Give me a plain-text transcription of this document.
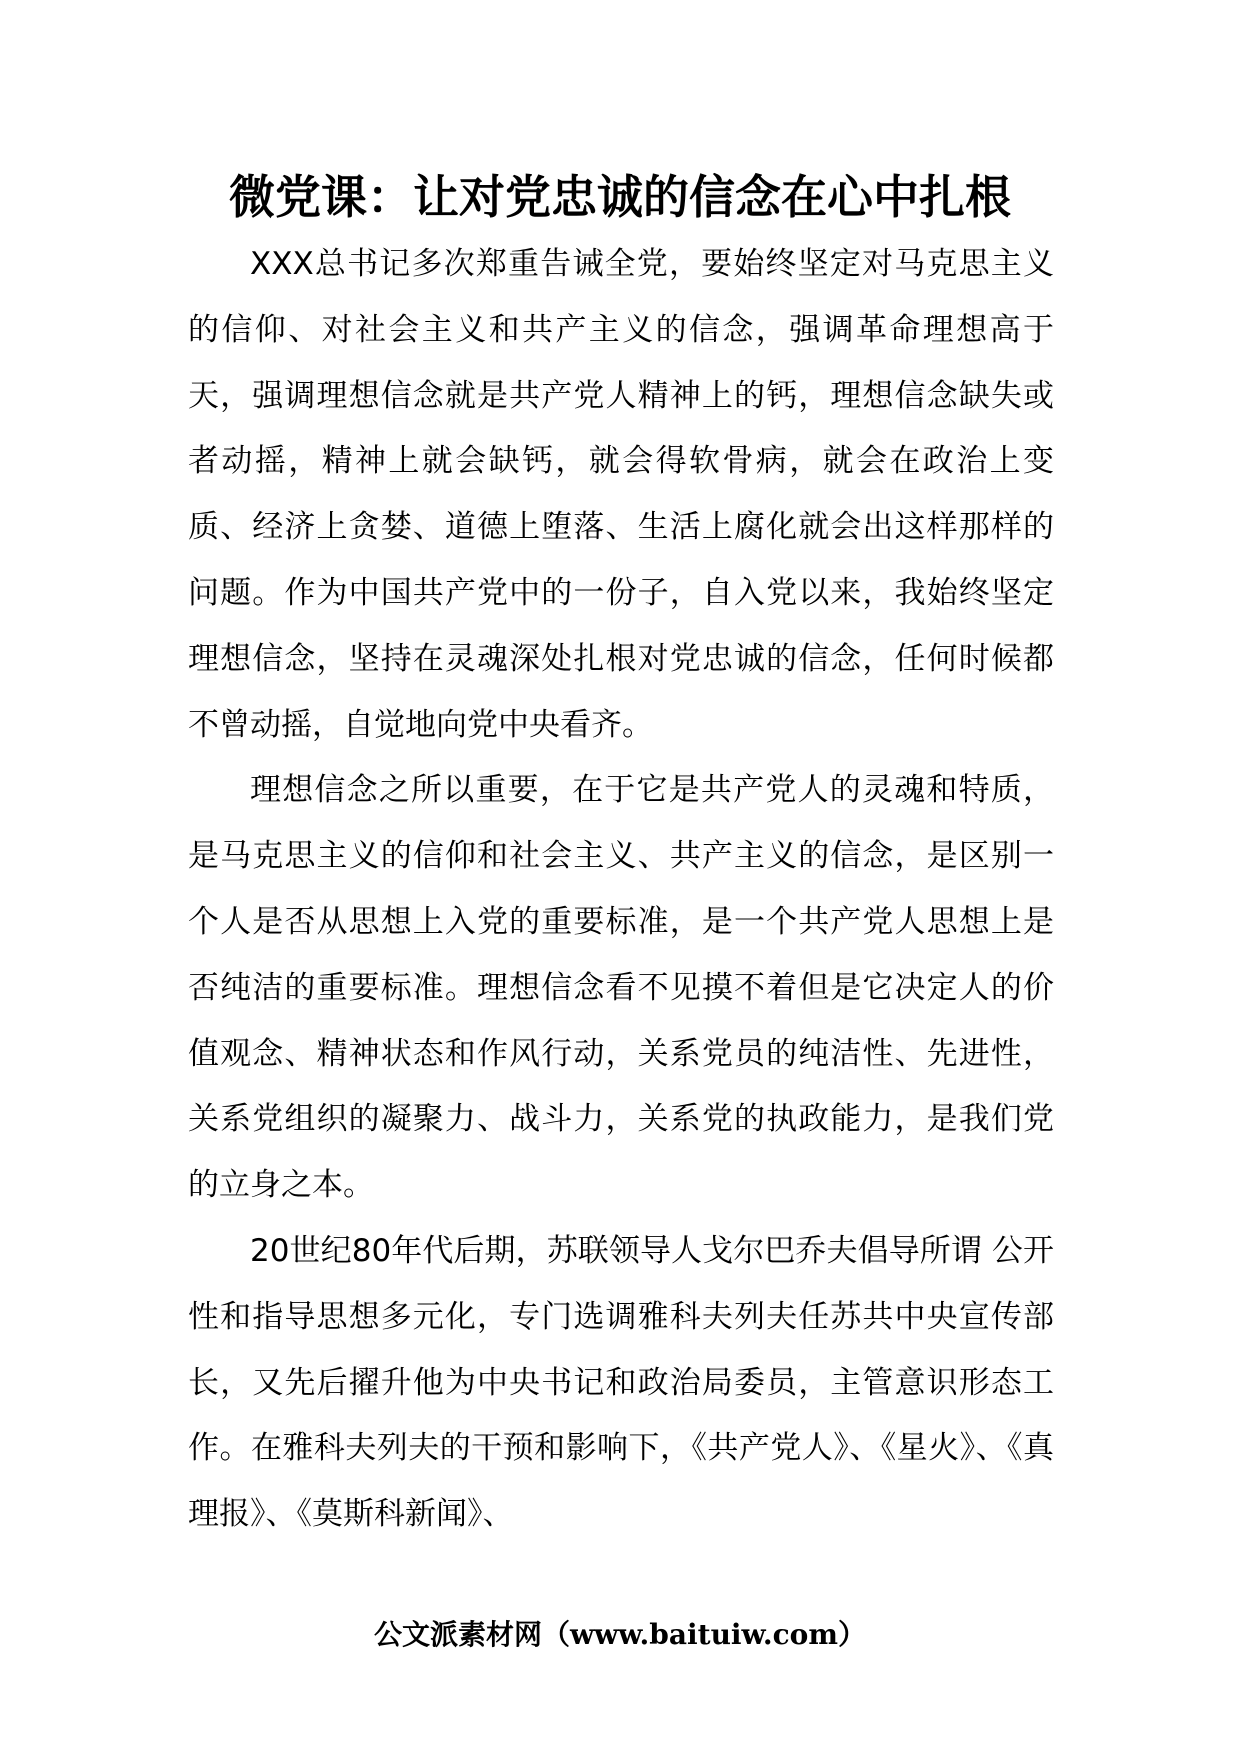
微党课：让对党忠诚的信念在心中扎根

XXX总书记多次郑重告诫全党，要始终坚定对马克思主义的信仰、对社会主义和共产主义的信念，强调革命理想高于天，强调理想信念就是共产党人精神上的钙，理想信念缺失或者动摇，精神上就会缺钙，就会得软骨病，就会在政治上变质、经济上贪婪、道德上堕落、生活上腐化就会出这样那样的问题。作为中国共产党中的一份子，自入党以来，我始终坚定理想信念，坚持在灵魂深处扎根对党忠诚的信念，任何时候都不曾动摇，自觉地向党中央看齐。

理想信念之所以重要，在于它是共产党人的灵魂和特质，是马克思主义的信仰和社会主义、共产主义的信念，是区别一个人是否从思想上入党的重要标准，是一个共产党人思想上是否纯洁的重要标准。理想信念看不见摸不着但是它决定人的价值观念、精神状态和作风行动，关系党员的纯洁性、先进性，关系党组织的凝聚力、战斗力，关系党的执政能力，是我们党的立身之本。

20世纪80年代后期，苏联领导人戈尔巴乔夫倡导所谓 公开性和指导思想多元化，专门选调雅科夫列夫任苏共中央宣传部长，又先后擢升他为中央书记和政治局委员，主管意识形态工作。在雅科夫列夫的干预和影响下，《共产党人》、《星火》、《真理报》、《莫斯科新闻》、

公文派素材网（www.baituiw.com）
